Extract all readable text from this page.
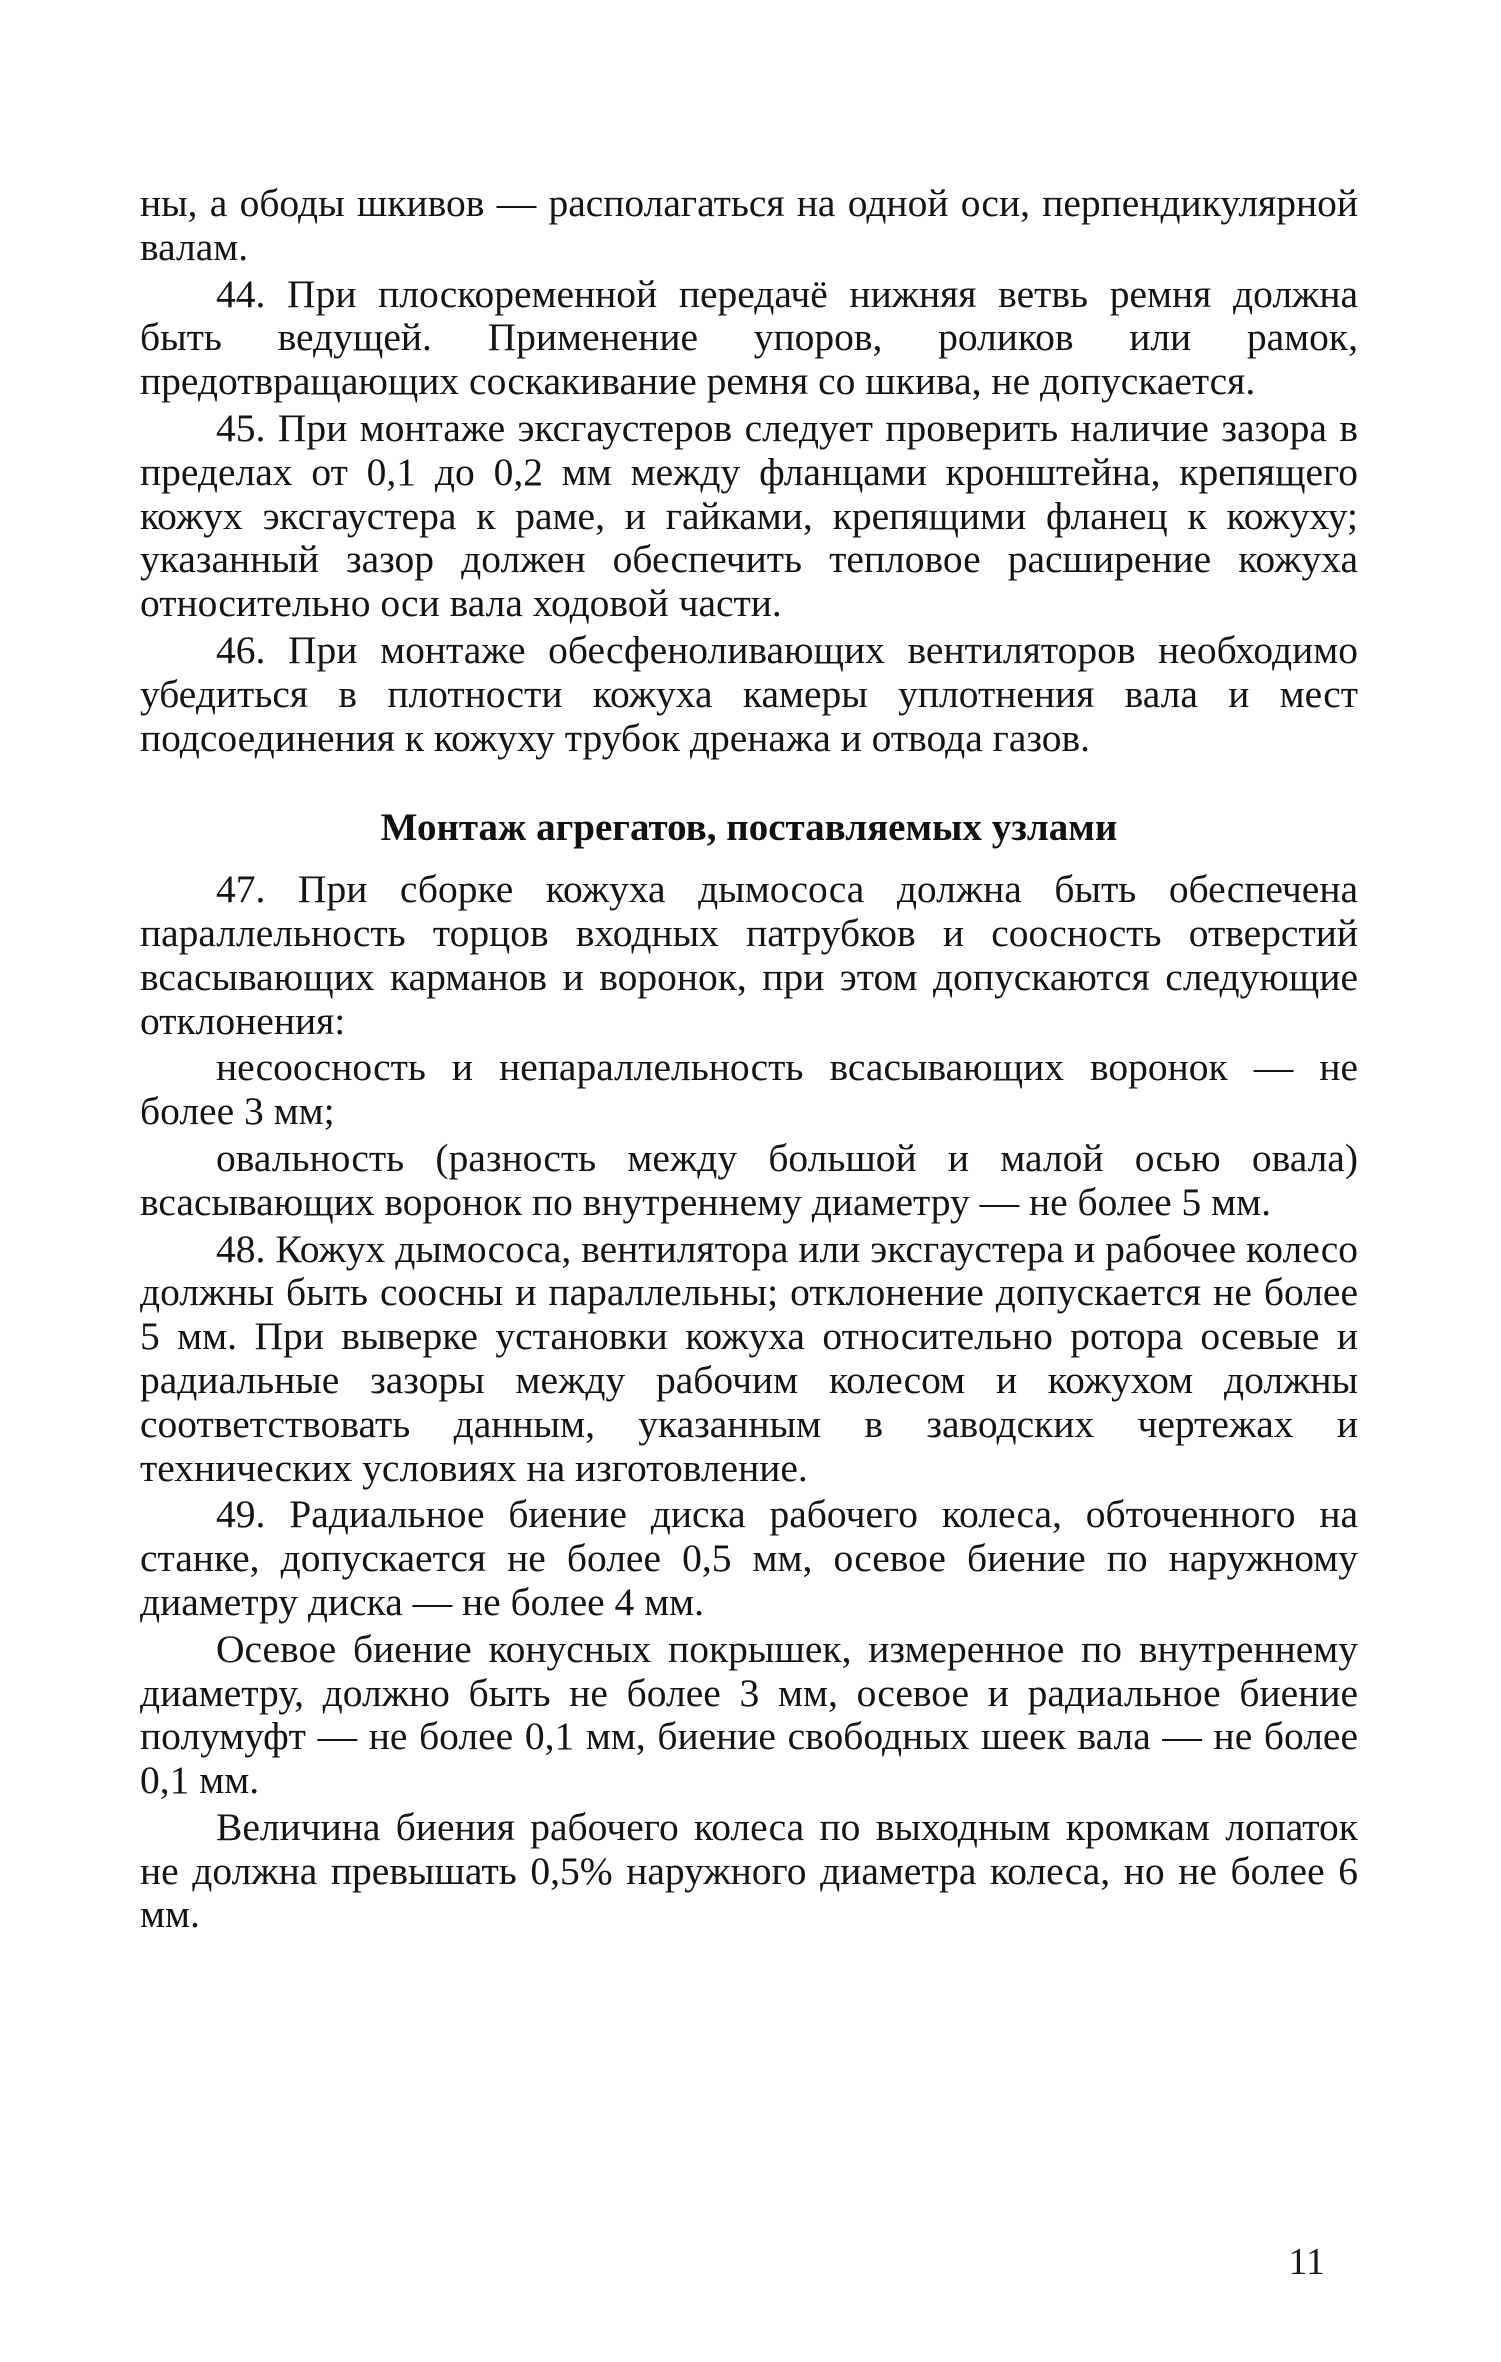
ны, а ободы шкивов — располагаться на одной оси, перпендикулярной валам.

44. При плоскоременной передачё нижняя ветвь ремня должна быть ведущей. Применение упоров, роликов или рамок, предотвращающих соскакивание ремня со шкива, не допускается.

45. При монтаже эксгаустеров следует проверить наличие зазора в пределах от 0,1 до 0,2 мм между фланцами кронштейна, крепящего кожух эксгаустера к раме, и гайками, крепящими фланец к кожуху; указанный зазор должен обеспечить тепловое расширение кожуха относительно оси вала ходовой части.

46. При монтаже обесфеноливающих вентиляторов необходимо убедиться в плотности кожуха камеры уплотнения вала и мест подсоединения к кожуху трубок дренажа и отвода газов.

Монтаж агрегатов, поставляемых узлами

47. При сборке кожуха дымососа должна быть обеспечена параллельность торцов входных патрубков и соосность отверстий всасывающих карманов и воронок, при этом допускаются следующие отклонения:

несоосность и непараллельность всасывающих воронок — не более 3 мм;

овальность (разность между большой и малой осью овала) всасывающих воронок по внутреннему диаметру — не более 5 мм.

48. Кожух дымососа, вентилятора или эксгаустера и рабочее колесо должны быть соосны и параллельны; отклонение допускается не более 5 мм. При выверке установки кожуха относительно ротора осевые и радиальные зазоры между рабочим колесом и кожухом должны соответствовать данным, указанным в заводских чертежах и технических условиях на изготовление.

49. Радиальное биение диска рабочего колеса, обточенного на станке, допускается не более 0,5 мм, осевое биение по наружному диаметру диска — не более 4 мм.

Осевое биение конусных покрышек, измеренное по внутреннему диаметру, должно быть не более 3 мм, осевое и радиальное биение полумуфт — не более 0,1 мм, биение свободных шеек вала — не более 0,1 мм.

Величина биения рабочего колеса по выходным кромкам лопаток не должна превышать 0,5% наружного диаметра колеса, но не более 6 мм.

11
